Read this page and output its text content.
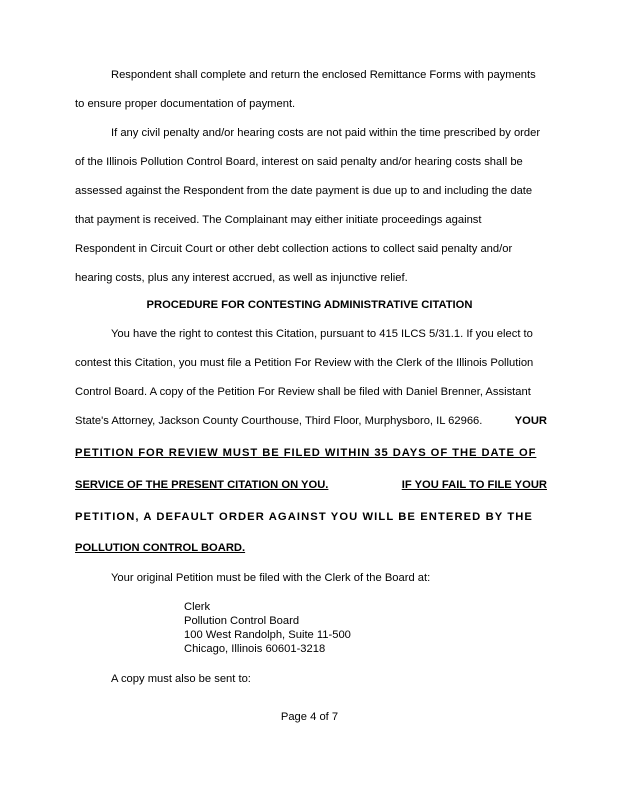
Respondent shall complete and return the enclosed Remittance Forms with payments
to ensure proper documentation of payment.
If any civil penalty and/or hearing costs are not paid within the time prescribed by order
of the Illinois Pollution Control Board, interest on said penalty and/or hearing costs shall be
assessed against the Respondent from the date payment is due up to and including the date
that payment is received. The Complainant may either initiate proceedings against
Respondent in Circuit Court or other debt collection actions to collect said penalty and/or
hearing costs, plus any interest accrued, as well as injunctive relief.
PROCEDURE FOR CONTESTING ADMINISTRATIVE CITATION
You have the right to contest this Citation, pursuant to 415 ILCS 5/31.1. If you elect to
contest this Citation, you must file a Petition For Review with the Clerk of the Illinois Pollution
Control Board. A copy of the Petition For Review shall be filed with Daniel Brenner, Assistant
State's Attorney, Jackson County Courthouse, Third Floor, Murphysboro, IL 62966.	YOUR
PETITION FOR REVIEW MUST BE FILED WITHIN 35 DAYS OF THE DATE OF
SERVICE OF THE PRESENT CITATION ON YOU.	IF YOU FAIL TO FILE YOUR
PETITION, A DEFAULT ORDER AGAINST YOU WILL BE ENTERED BY THE
POLLUTION CONTROL BOARD.
Your original Petition must be filed with the Clerk of the Board at:
Clerk
Pollution Control Board
100 West Randolph, Suite 11-500
Chicago, Illinois 60601-3218
A copy must also be sent to:
Page 4 of 7
